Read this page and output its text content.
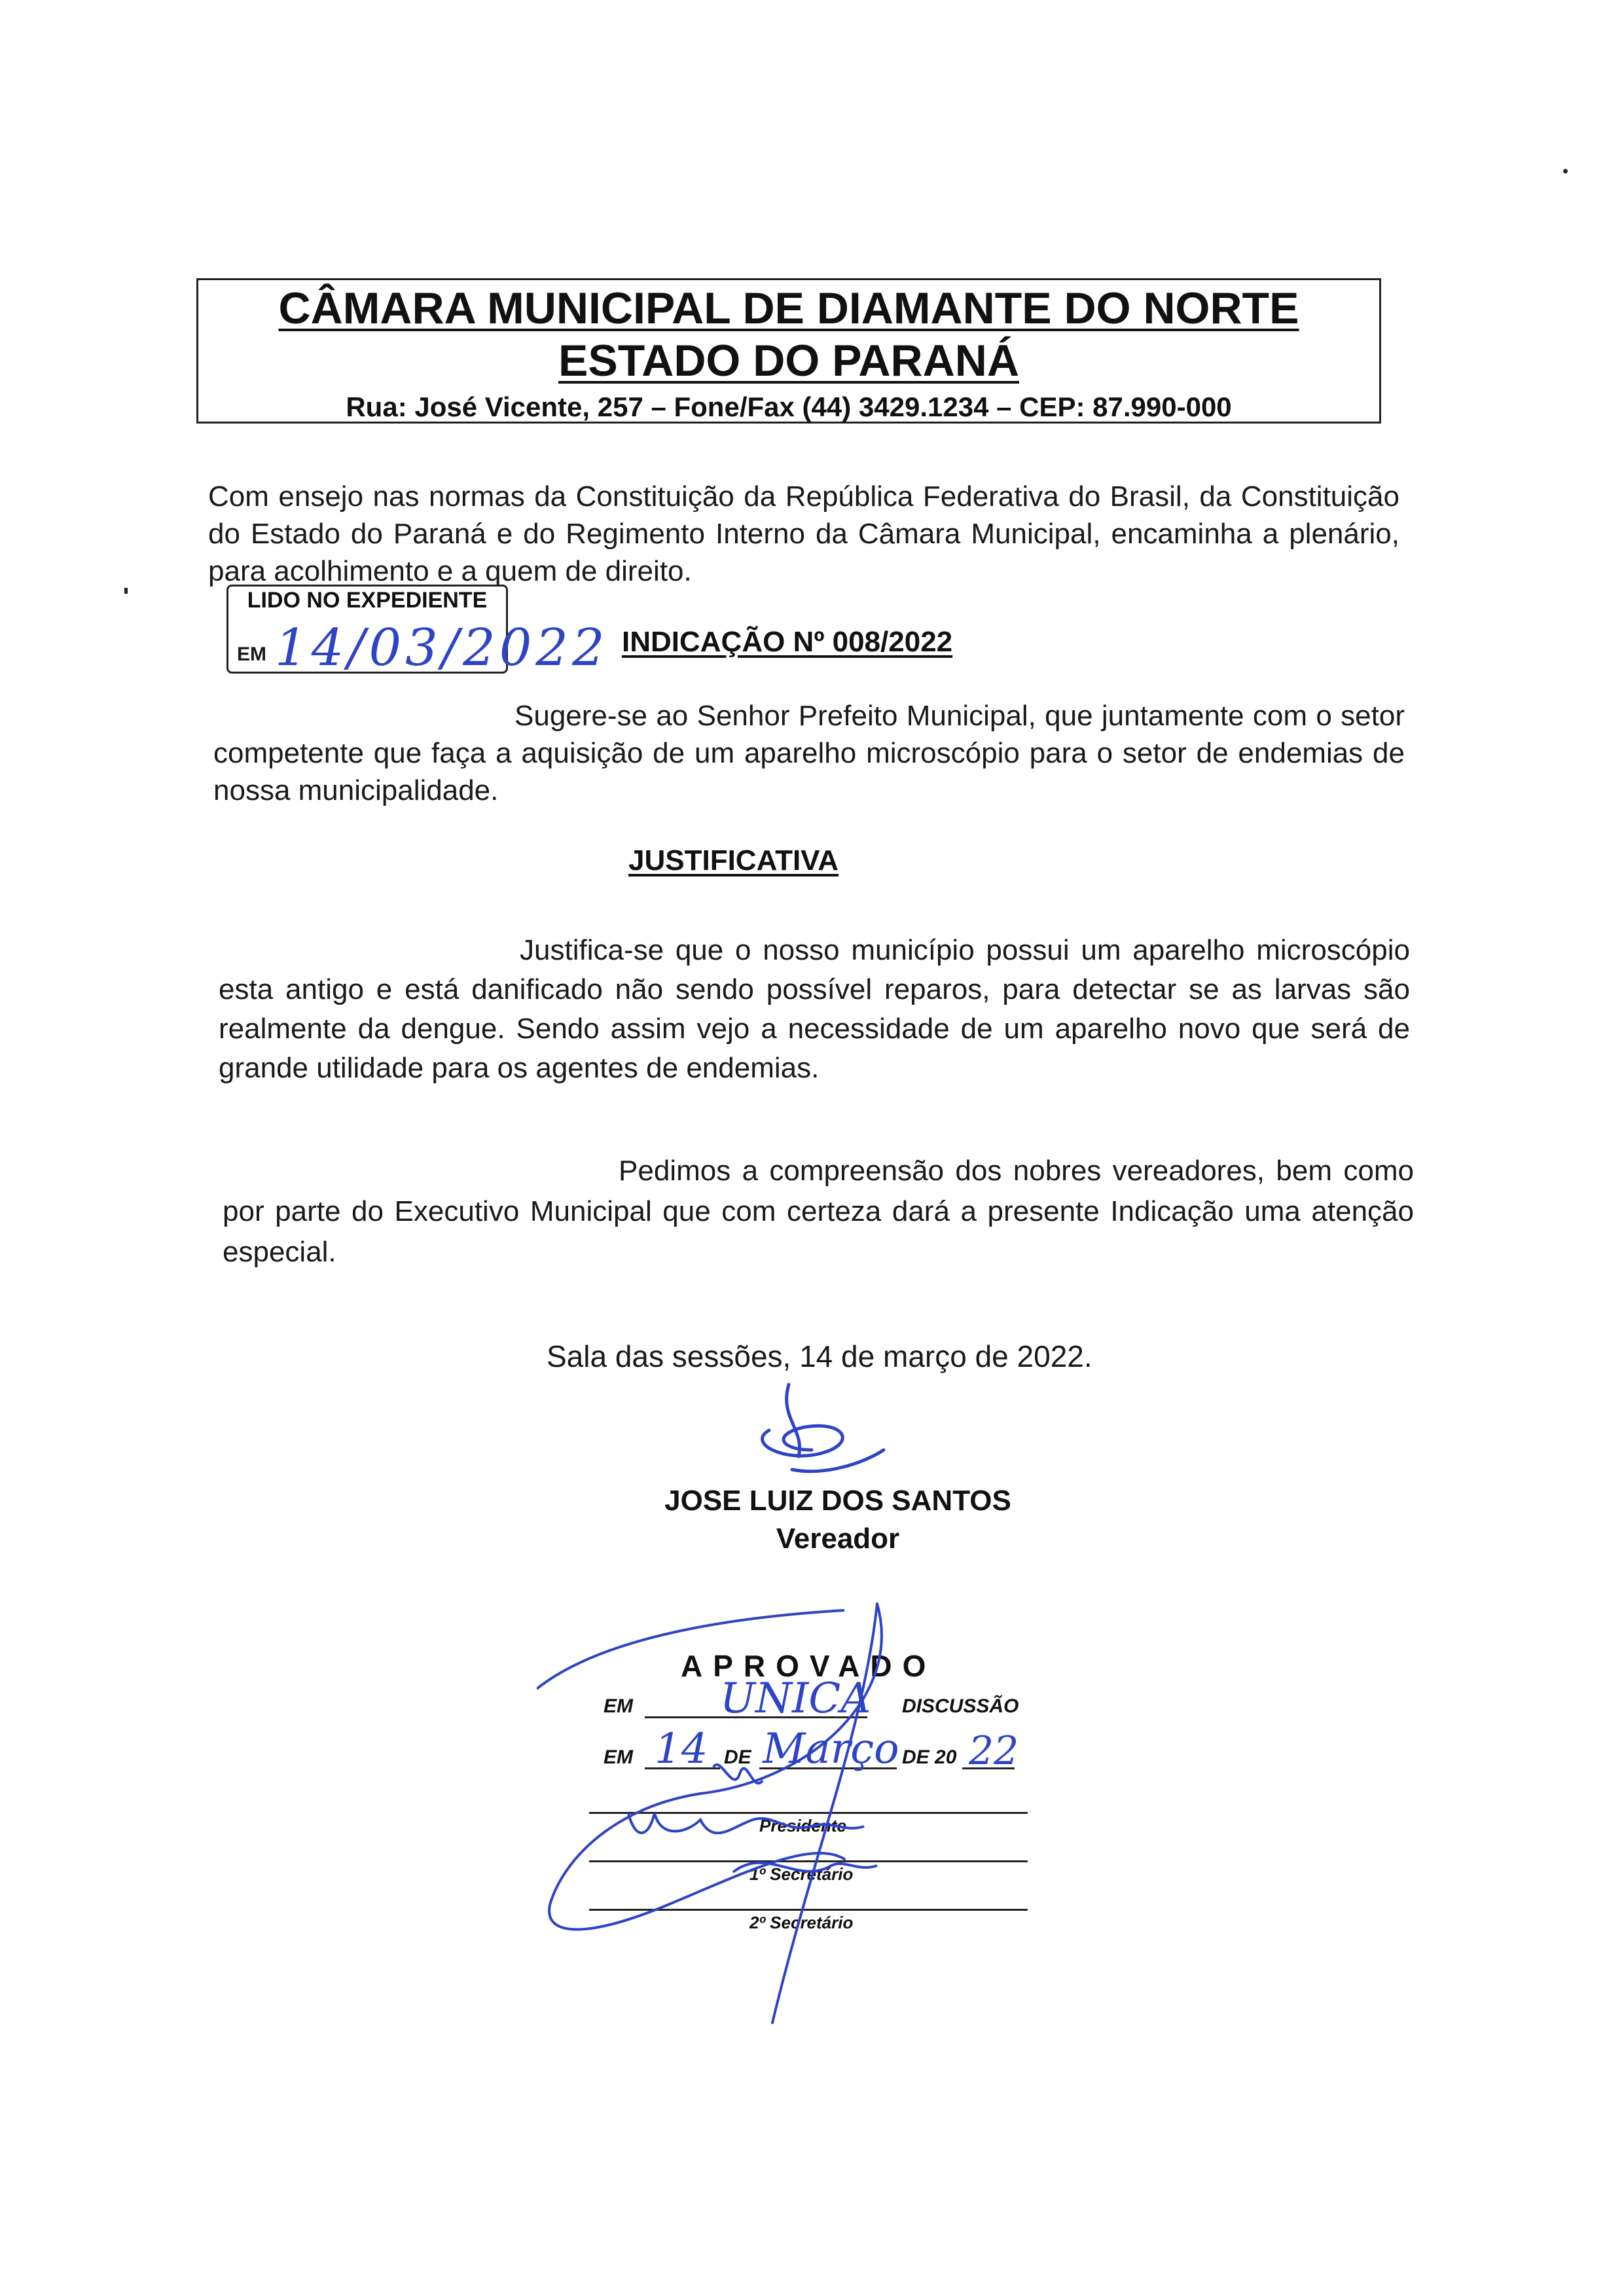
CÂMARA MUNICIPAL DE DIAMANTE DO NORTE
ESTADO DO PARANÁ
Rua: José Vicente, 257 – Fone/Fax (44) 3429.1234 – CEP: 87.990-000
Com ensejo nas normas da Constituição da República Federativa do Brasil, da Constituição do Estado do Paraná e do Regimento Interno da Câmara Municipal, encaminha a plenário, para acolhimento e a quem de direito.
LIDO NO EXPEDIENTE
EM 14/03/2022 INDICAÇÃO Nº 008/2022
Sugere-se ao Senhor Prefeito Municipal, que juntamente com o setor competente que faça a aquisição de um aparelho microscópio para o setor de endemias de nossa municipalidade.
JUSTIFICATIVA
Justifica-se que o nosso município possui um aparelho microscópio esta antigo e está danificado não sendo possível reparos, para detectar se as larvas são realmente da dengue. Sendo assim vejo a necessidade de um aparelho novo que será de grande utilidade para os agentes de endemias.
Pedimos a compreensão dos nobres vereadores, bem como por parte do Executivo Municipal que com certeza dará a presente Indicação uma atenção especial.
Sala das sessões, 14 de março de 2022.
JOSE LUIZ DOS SANTOS
Vereador
APROVADO
EM UNICA DISCUSSÃO
EM 14 DE Março DE 20 22
Presidente
1º Secretário
2º Secretário
